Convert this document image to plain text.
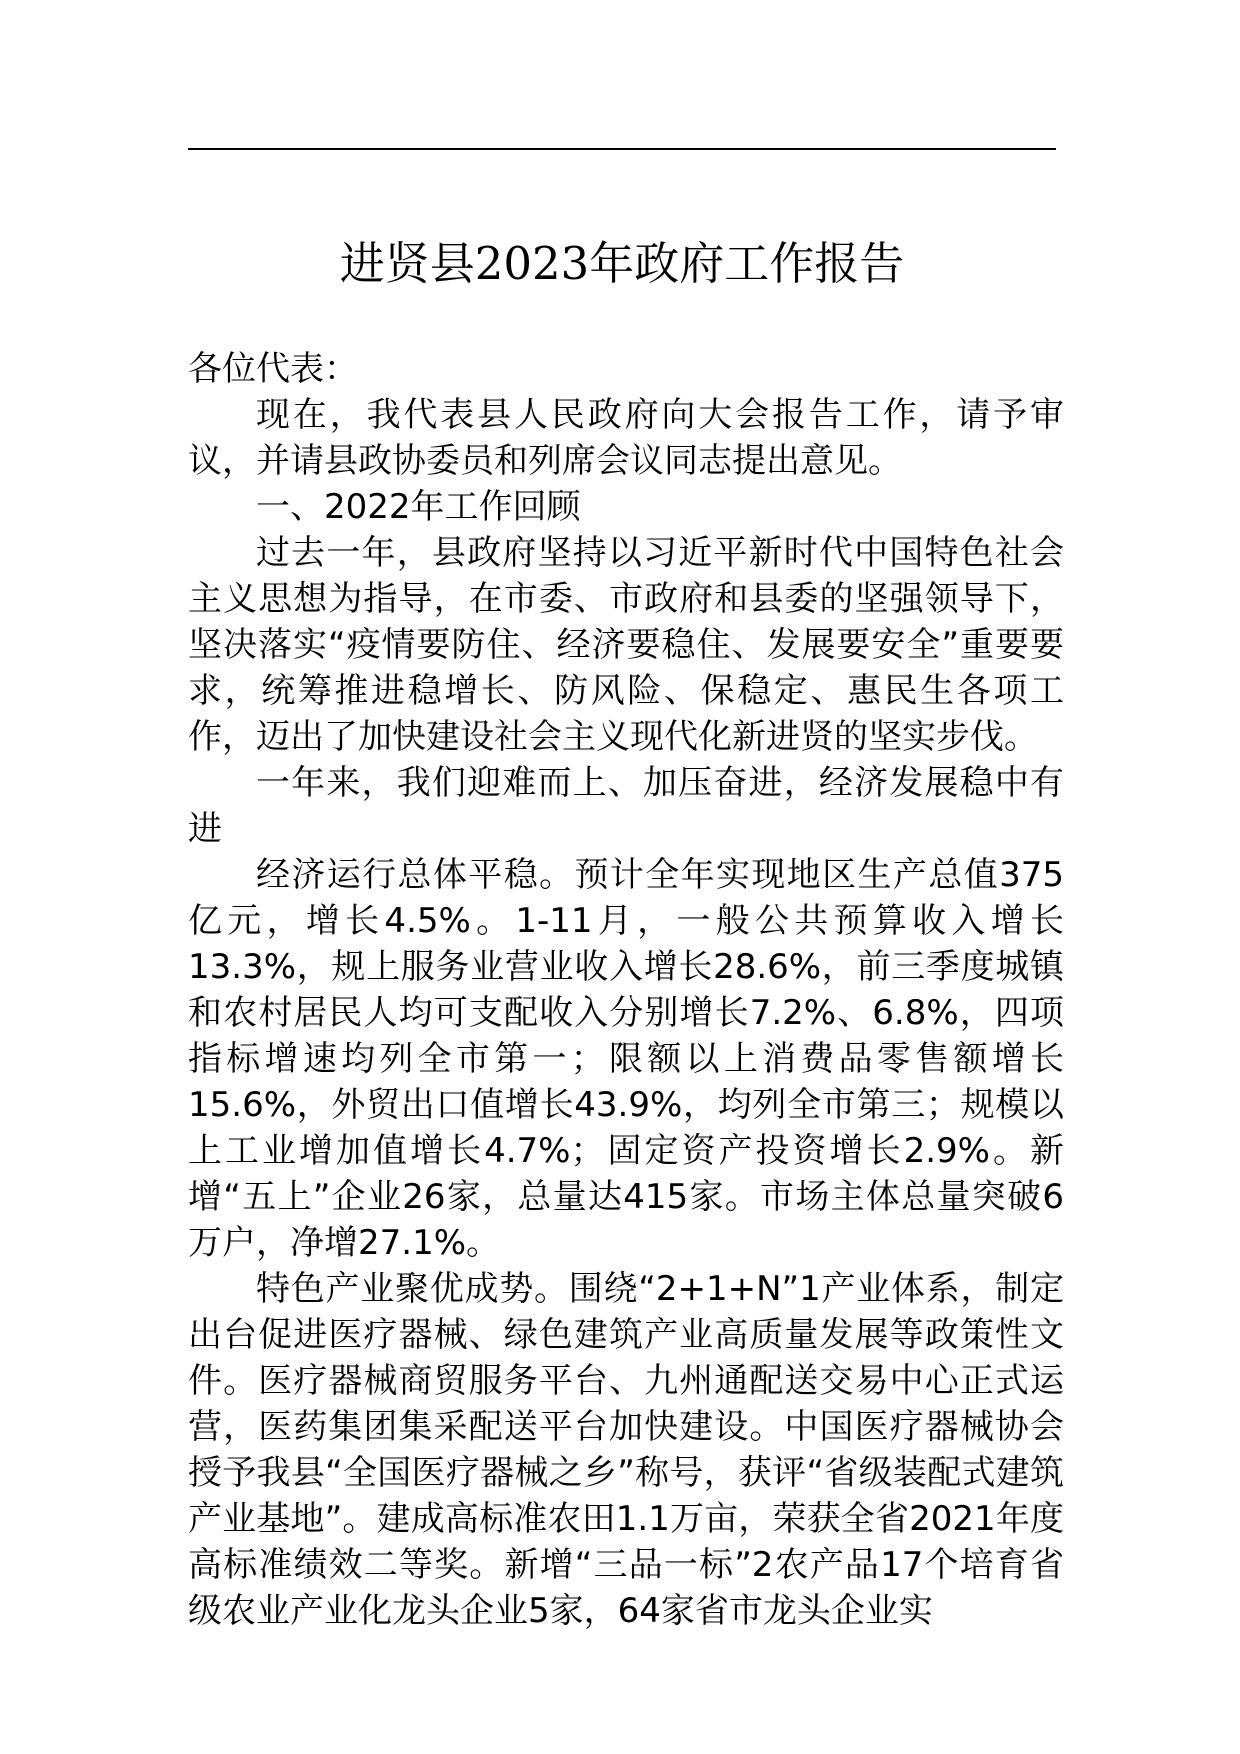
进贤县2023年政府工作报告

各位代表：

现在，我代表县人民政府向大会报告工作，请予审议，并请县政协委员和列席会议同志提出意见。

一、2022年工作回顾

过去一年，县政府坚持以习近平新时代中国特色社会主义思想为指导，在市委、市政府和县委的坚强领导下，坚决落实“疫情要防住、经济要稳住、发展要安全”重要要求，统筹推进稳增长、防风险、保稳定、惠民生各项工作，迈出了加快建设社会主义现代化新进贤的坚实步伐。

一年来，我们迎难而上、加压奋进，经济发展稳中有进

经济运行总体平稳。预计全年实现地区生产总值375亿元，增长4.5%。1-11月，一般公共预算收入增长13.3%，规上服务业营业收入增长28.6%，前三季度城镇和农村居民人均可支配收入分别增长7.2%、6.8%，四项指标增速均列全市第一；限额以上消费品零售额增长15.6%，外贸出口值增长43.9%，均列全市第三；规模以上工业增加值增长4.7%；固定资产投资增长2.9%。新增“五上”企业26家，总量达415家。市场主体总量突破6万户，净增27.1%。

特色产业聚优成势。围绕“2+1+N”1产业体系，制定出台促进医疗器械、绿色建筑产业高质量发展等政策性文件。医疗器械商贸服务平台、九州通配送交易中心正式运营，医药集团集采配送平台加快建设。中国医疗器械协会授予我县“全国医疗器械之乡”称号，获评“省级装配式建筑产业基地”。建成高标准农田1.1万亩，荣获全省2021年度高标准绩效二等奖。新增“三品一标”2农产品17个培育省级农业产业化龙头企业5家，64家省市龙头企业实
